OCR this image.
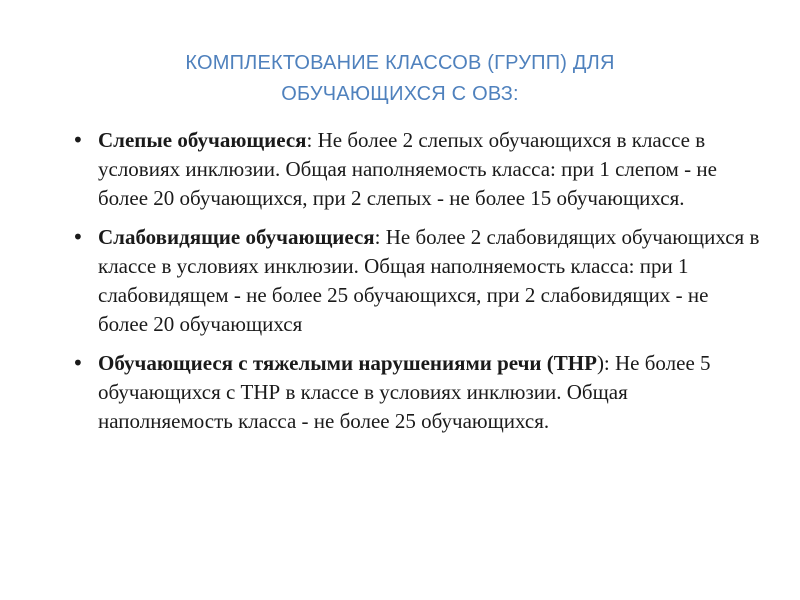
КОМПЛЕКТОВАНИЕ КЛАССОВ (ГРУПП) ДЛЯ
ОБУЧАЮЩИХСЯ С ОВЗ:
• Слепые обучающиеся: Не более 2 слепых обучающихся в классе в условиях инклюзии. Общая наполняемость класса: при 1 слепом - не более 20 обучающихся, при 2 слепых - не более 15 обучающихся.
• Слабовидящие обучающиеся: Не более 2 слабовидящих обучающихся в классе в условиях инклюзии. Общая наполняемость класса: при 1 слабовидящем - не более 25 обучающихся, при 2 слабовидящих - не более 20 обучающихся
• Обучающиеся с тяжелыми нарушениями речи (ТНР): Не более 5 обучающихся с ТНР в классе в условиях инклюзии. Общая наполняемость класса - не более 25 обучающихся.
